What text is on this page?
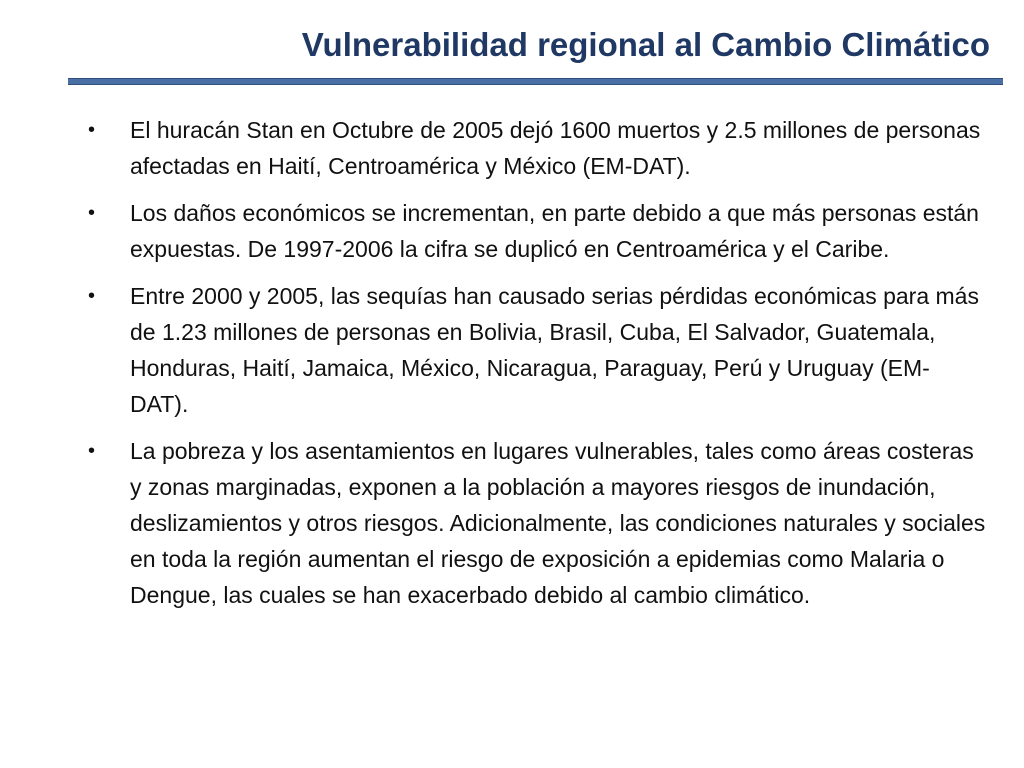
Vulnerabilidad regional al Cambio Climático
• El huracán Stan en Octubre de 2005 dejó 1600 muertos y 2.5 millones de personas afectadas en Haití, Centroamérica y México (EM-DAT).
• Los daños económicos se incrementan, en parte debido a que más personas están expuestas. De 1997-2006 la cifra se duplicó en Centroamérica y el Caribe.
• Entre 2000 y 2005, las sequías han causado serias pérdidas económicas para más de 1.23 millones de personas en Bolivia, Brasil, Cuba, El Salvador, Guatemala, Honduras, Haití, Jamaica, México, Nicaragua, Paraguay, Perú y Uruguay (EM-DAT).
• La pobreza y los asentamientos en lugares vulnerables, tales como áreas costeras y zonas marginadas, exponen a la población a mayores riesgos de inundación, deslizamientos y otros riesgos. Adicionalmente, las condiciones naturales y sociales en toda la región aumentan el riesgo de exposición a epidemias como Malaria o Dengue, las cuales se han exacerbado debido al cambio climático.
